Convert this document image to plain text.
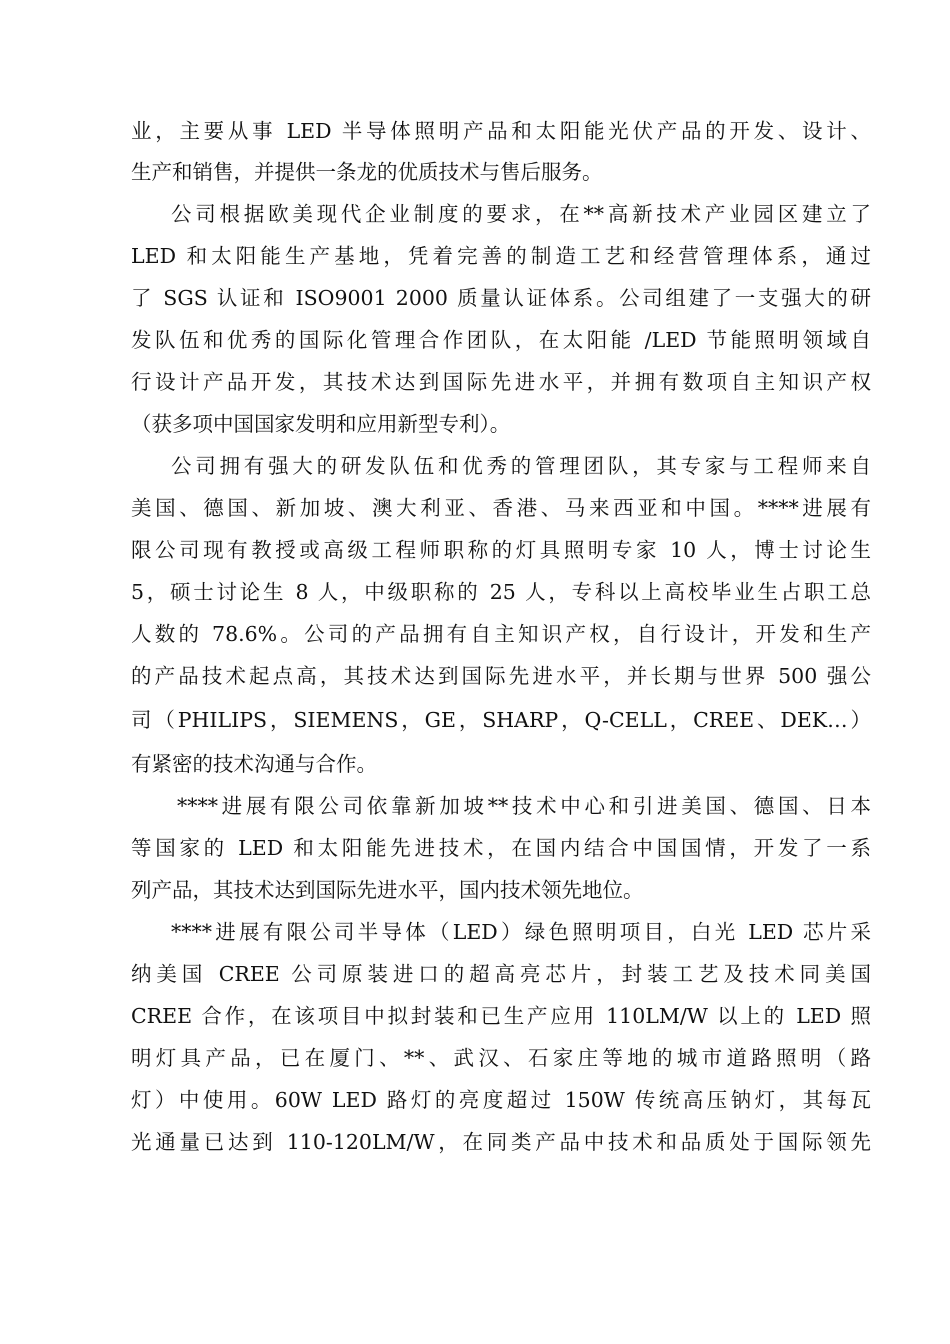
业，主要从事 LED 半导体照明产品和太阳能光伏产品的开发、设计、
生产和销售，并提供一条龙的优质技术与售后服务。
公司根据欧美现代企业制度的要求，在**高新技术产业园区建立了
LED 和太阳能生产基地，凭着完善的制造工艺和经营管理体系，通过
了 SGS 认证和 ISO9001 2000 质量认证体系。公司组建了一支强大的研
发队伍和优秀的国际化管理合作团队，在太阳能 /LED 节能照明领域自
行设计产品开发，其技术达到国际先进水平，并拥有数项自主知识产权
（获多项中国国家发明和应用新型专利）。
公司拥有强大的研发队伍和优秀的管理团队，其专家与工程师来自
美国、德国、新加坡、澳大利亚、香港、马来西亚和中国。****进展有
限公司现有教授或高级工程师职称的灯具照明专家 10 人，博士讨论生
5，硕士讨论生 8 人，中级职称的 25 人，专科以上高校毕业生占职工总
人数的 78.6%。公司的产品拥有自主知识产权，自行设计，开发和生产
的产品技术起点高，其技术达到国际先进水平，并长期与世界 500 强公
司（PHILIPS，SIEMENS，GE，SHARP，Q-CELL，CREE、DEK…）
有紧密的技术沟通与合作。
****进展有限公司依靠新加坡**技术中心和引进美国、德国、日本
等国家的 LED 和太阳能先进技术，在国内结合中国国情，开发了一系
列产品，其技术达到国际先进水平，国内技术领先地位。
****进展有限公司半导体（LED）绿色照明项目，白光 LED 芯片采
纳美国 CREE 公司原装进口的超高亮芯片，封装工艺及技术同美国
CREE 合作，在该项目中拟封装和已生产应用 110LM/W 以上的 LED 照
明灯具产品，已在厦门、**、武汉、石家庄等地的城市道路照明（路
灯）中使用。60W LED 路灯的亮度超过 150W 传统高压钠灯，其每瓦
光通量已达到 110-120LM/W，在同类产品中技术和品质处于国际领先
